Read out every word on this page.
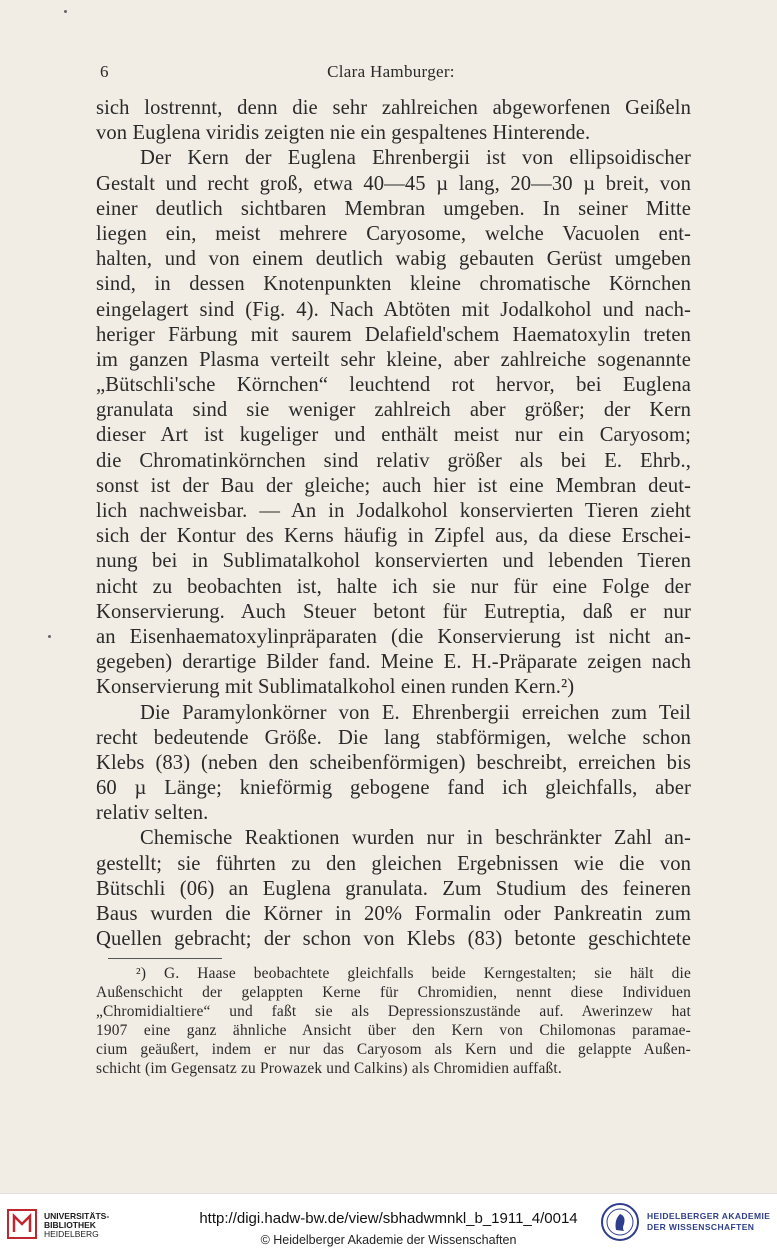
6	Clara Hamburger:
sich lostrennt, denn die sehr zahlreichen abgeworfenen Geißeln
von Euglena viridis zeigten nie ein gespaltenes Hinterende.
Der Kern der Euglena Ehrenbergii ist von ellipsoidischer
Gestalt und recht groß, etwa 40—45 µ lang, 20—30 µ breit, von
einer deutlich sichtbaren Membran umgeben. In seiner Mitte
liegen ein, meist mehrere Caryosome, welche Vacuolen ent-
halten, und von einem deutlich wabig gebauten Gerüst umgeben
sind, in dessen Knotenpunkten kleine chromatische Körnchen
eingelagert sind (Fig. 4). Nach Abtöten mit Jodalkohol und nach-
heriger Färbung mit saurem Delafield'schem Haematoxylin treten
im ganzen Plasma verteilt sehr kleine, aber zahlreiche sogenannte
„Bütschli'sche Körnchen“ leuchtend rot hervor, bei Euglena
granulata sind sie weniger zahlreich aber größer; der Kern
dieser Art ist kugeliger und enthält meist nur ein Caryosom;
die Chromatinkörnchen sind relativ größer als bei E. Ehrb.,
sonst ist der Bau der gleiche; auch hier ist eine Membran deut-
lich nachweisbar. — An in Jodalkohol konservierten Tieren zieht
sich der Kontur des Kerns häufig in Zipfel aus, da diese Erschei-
nung bei in Sublimatalkohol konservierten und lebenden Tieren
nicht zu beobachten ist, halte ich sie nur für eine Folge der
Konservierung. Auch Steuer betont für Eutreptia, daß er nur
an Eisenhaematoxylinpräparaten (die Konservierung ist nicht an-
gegeben) derartige Bilder fand. Meine E. H.-Präparate zeigen nach
Konservierung mit Sublimatalkohol einen runden Kern.²)
Die Paramylonkörner von E. Ehrenbergii erreichen zum Teil
recht bedeutende Größe. Die lang stabförmigen, welche schon
Klebs (83) (neben den scheibenförmigen) beschreibt, erreichen bis
60 µ Länge; knieförmig gebogene fand ich gleichfalls, aber
relativ selten.
Chemische Reaktionen wurden nur in beschränkter Zahl an-
gestellt; sie führten zu den gleichen Ergebnissen wie die von
Bütschli (06) an Euglena granulata. Zum Studium des feineren
Baus wurden die Körner in 20% Formalin oder Pankreatin zum
Quellen gebracht; der schon von Klebs (83) betonte geschichtete
²) G. Haase beobachtete gleichfalls beide Kerngestalten; sie hält die
Außenschicht der gelappten Kerne für Chromidien, nennt diese Individuen
„Chromidialtiere“ und faßt sie als Depressionszustände auf. Awerinzew hat
1907 eine ganz ähnliche Ansicht über den Kern von Chilomonas paramae-
cium geäußert, indem er nur das Caryosom als Kern und die gelappte Außen-
schicht (im Gegensatz zu Prowazek und Calkins) als Chromidien auffaßt.
UNIVERSITÄTS-
BIBLIOTHEK
HEIDELBERG
http://digi.hadw-bw.de/view/sbhadwmnkl_b_1911_4/0014
© Heidelberger Akademie der Wissenschaften
HEIDELBERGER AKADEMIE
DER WISSENSCHAFTEN
